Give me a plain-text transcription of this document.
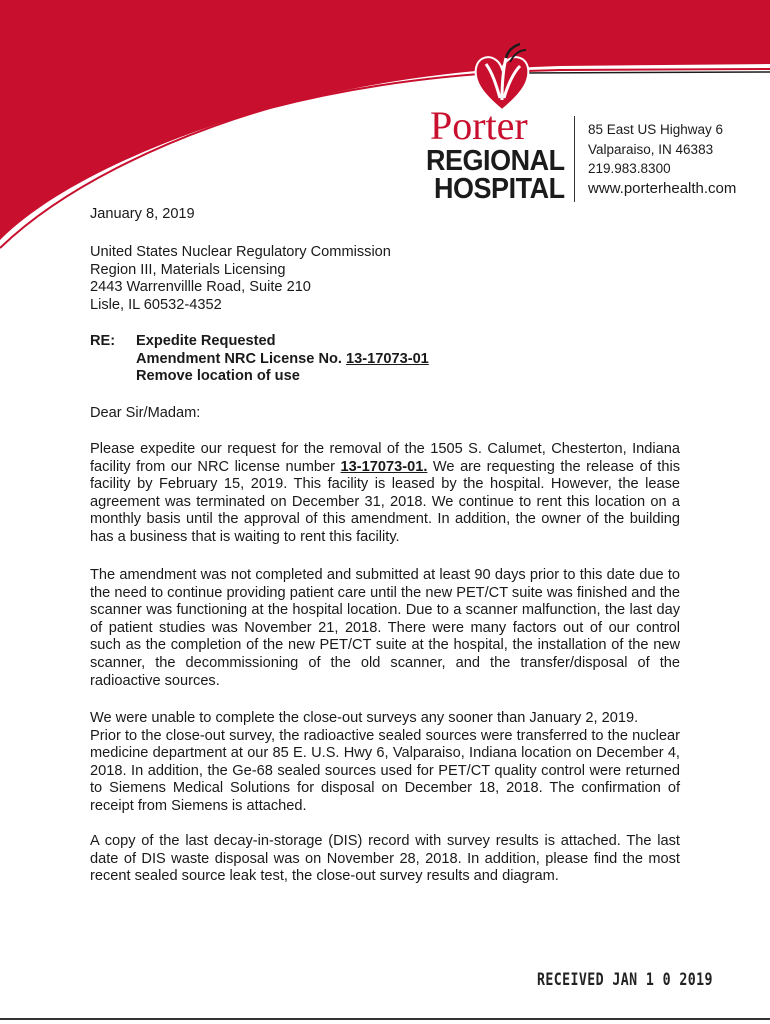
Porter
REGIONAL
HOSPITAL
85 East US Highway 6
Valparaiso, IN 46383
219.983.8300
www.porterhealth.com
January 8, 2019
United States Nuclear Regulatory Commission
Region III, Materials Licensing
2443 Warrenvillle Road, Suite 210
Lisle, IL 60532-4352
RE: Expedite Requested
Amendment NRC License No. 13-17073-01
Remove location of use
Dear Sir/Madam:
Please expedite our request for the removal of the 1505 S. Calumet, Chesterton, Indiana facility from our NRC license number 13-17073-01. We are requesting the release of this facility by February 15, 2019. This facility is leased by the hospital. However, the lease agreement was terminated on December 31, 2018. We continue to rent this location on a monthly basis until the approval of this amendment. In addition, the owner of the building has a business that is waiting to rent this facility.
The amendment was not completed and submitted at least 90 days prior to this date due to the need to continue providing patient care until the new PET/CT suite was finished and the scanner was functioning at the hospital location. Due to a scanner malfunction, the last day of patient studies was November 21, 2018. There were many factors out of our control such as the completion of the new PET/CT suite at the hospital, the installation of the new scanner, the decommissioning of the old scanner, and the transfer/disposal of the radioactive sources.
We were unable to complete the close-out surveys any sooner than January 2, 2019.
Prior to the close-out survey, the radioactive sealed sources were transferred to the nuclear medicine department at our 85 E. U.S. Hwy 6, Valparaiso, Indiana location on December 4, 2018. In addition, the Ge-68 sealed sources used for PET/CT quality control were returned to Siemens Medical Solutions for disposal on December 18, 2018. The confirmation of receipt from Siemens is attached.
A copy of the last decay-in-storage (DIS) record with survey results is attached. The last date of DIS waste disposal was on November 28, 2018. In addition, please find the most recent sealed source leak test, the close-out survey results and diagram.
RECEIVED JAN 1 0 2019
